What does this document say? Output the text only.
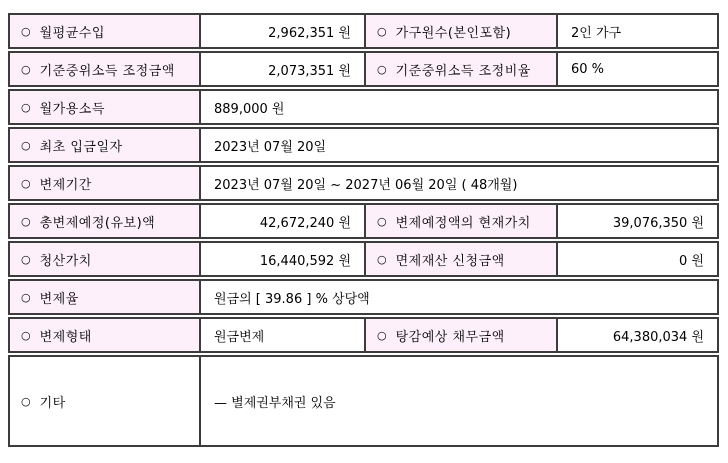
○ 월평균수입	2,962,351 원	○ 가구원수(본인포함)	2인 가구
○ 기준중위소득 조정금액	2,073,351 원	○ 기준중위소득 조정비율	60 %
○ 월가용소득	889,000 원
○ 최초 입금일자	2023년 07월 20일
○ 변제기간	2023년 07월 20일 ~ 2027년 06월 20일 ( 48개월)
○ 총변제예정(유보)액	42,672,240 원	○ 변제예정액의 현재가치	39,076,350 원
○ 청산가치	16,440,592 원	○ 면제재산 신청금액	0 원
○ 변제율	원금의 [ 39.86 ] % 상당액
○ 변제형태	원금변제	○ 탕감예상 채무금액	64,380,034 원
○ 기타	— 별제권부채권 있음
